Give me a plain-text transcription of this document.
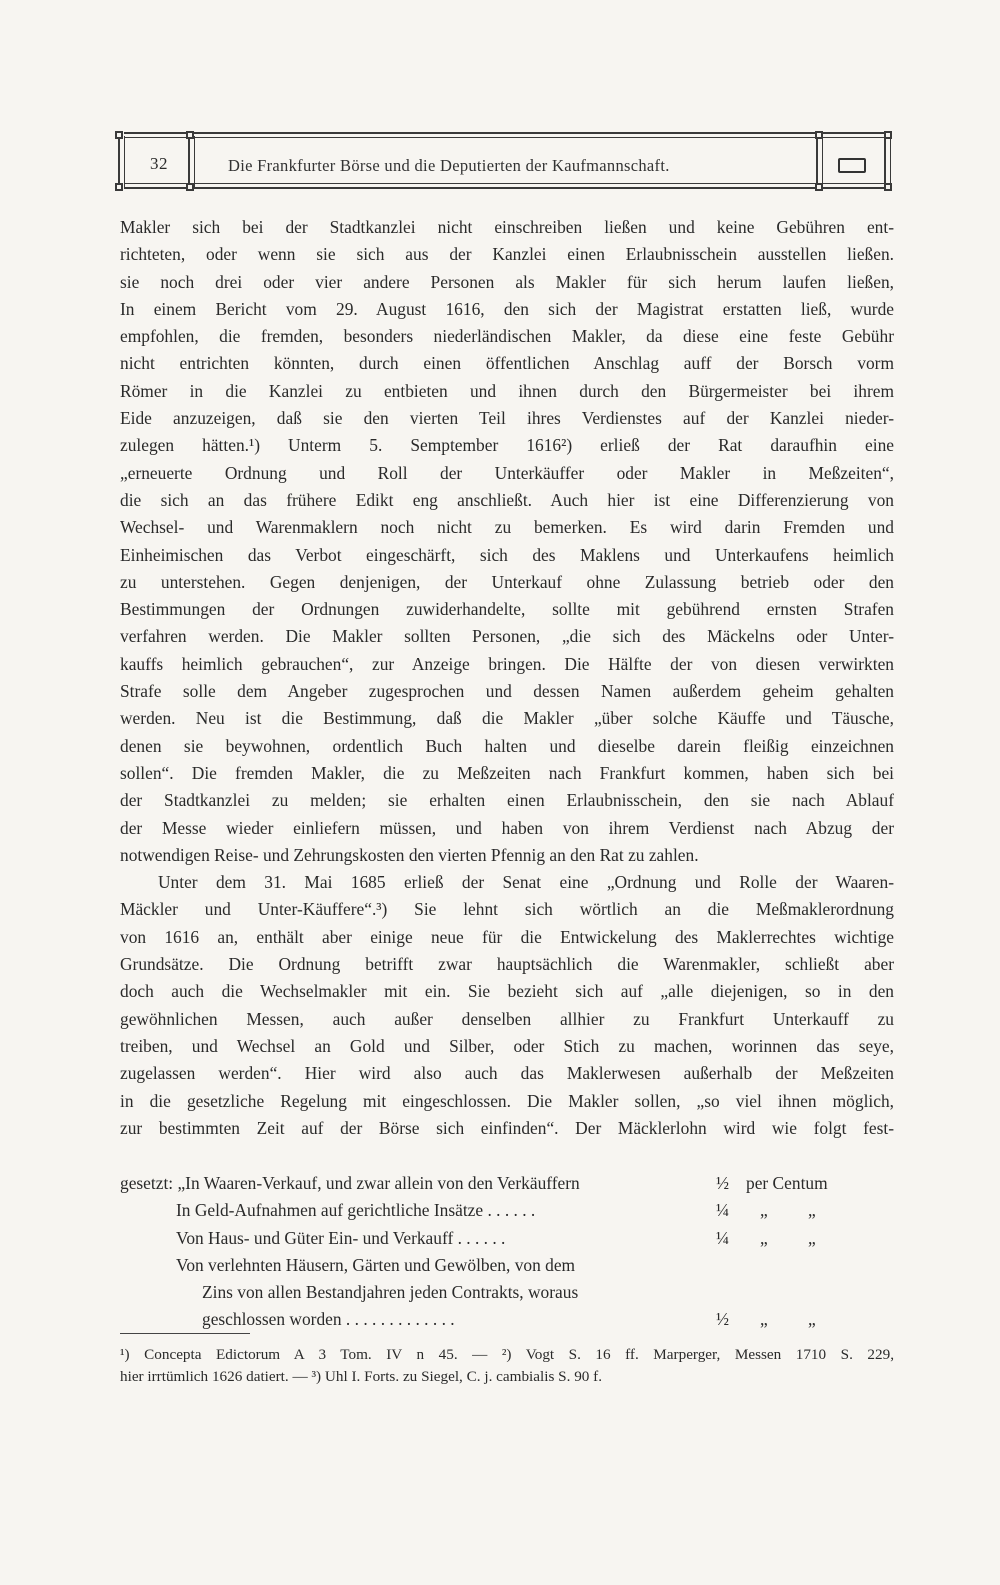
32	Die Frankfurter Börse und die Deputierten der Kaufmannschaft.
Makler sich bei der Stadtkanzlei nicht einschreiben ließen und keine Gebühren ent-
richteten, oder wenn sie sich aus der Kanzlei einen Erlaubnisschein ausstellen ließen.
sie noch drei oder vier andere Personen als Makler für sich herum laufen ließen,
In einem Bericht vom 29. August 1616, den sich der Magistrat erstatten ließ, wurde
empfohlen, die fremden, besonders niederländischen Makler, da diese eine feste Gebühr
nicht entrichten könnten, durch einen öffentlichen Anschlag auff der Borsch vorm
Römer in die Kanzlei zu entbieten und ihnen durch den Bürgermeister bei ihrem
Eide anzuzeigen, daß sie den vierten Teil ihres Verdienstes auf der Kanzlei nieder-
zulegen hätten.¹) Unterm 5. Semptember 1616²) erließ der Rat daraufhin eine
„erneuerte Ordnung und Roll der Unterkäuffer oder Makler in Meßzeiten“,
die sich an das frühere Edikt eng anschließt. Auch hier ist eine Differenzierung von
Wechsel- und Warenmaklern noch nicht zu bemerken. Es wird darin Fremden und
Einheimischen das Verbot eingeschärft, sich des Maklens und Unterkaufens heimlich
zu unterstehen. Gegen denjenigen, der Unterkauf ohne Zulassung betrieb oder den
Bestimmungen der Ordnungen zuwiderhandelte, sollte mit gebührend ernsten Strafen
verfahren werden. Die Makler sollten Personen, „die sich des Mäckelns oder Unter-
kauffs heimlich gebrauchen“, zur Anzeige bringen. Die Hälfte der von diesen verwirkten
Strafe solle dem Angeber zugesprochen und dessen Namen außerdem geheim gehalten
werden. Neu ist die Bestimmung, daß die Makler „über solche Käuffe und Täusche,
denen sie beywohnen, ordentlich Buch halten und dieselbe darein fleißig einzeichnen
sollen“. Die fremden Makler, die zu Meßzeiten nach Frankfurt kommen, haben sich bei
der Stadtkanzlei zu melden; sie erhalten einen Erlaubnisschein, den sie nach Ablauf
der Messe wieder einliefern müssen, und haben von ihrem Verdienst nach Abzug der
notwendigen Reise- und Zehrungskosten den vierten Pfennig an den Rat zu zahlen.
Unter dem 31. Mai 1685 erließ der Senat eine „Ordnung und Rolle der Waaren-
Mäckler und Unter-Käuffere“.³) Sie lehnt sich wörtlich an die Meßmaklerordnung
von 1616 an, enthält aber einige neue für die Entwickelung des Maklerrechtes wichtige
Grundsätze. Die Ordnung betrifft zwar hauptsächlich die Warenmakler, schließt aber
doch auch die Wechselmakler mit ein. Sie bezieht sich auf „alle diejenigen, so in den
gewöhnlichen Messen, auch außer denselben allhier zu Frankfurt Unterkauff zu
treiben, und Wechsel an Gold und Silber, oder Stich zu machen, worinnen das seye,
zugelassen werden“. Hier wird also auch das Maklerwesen außerhalb der Meßzeiten
in die gesetzliche Regelung mit eingeschlossen. Die Makler sollen, „so viel ihnen möglich,
zur bestimmten Zeit auf der Börse sich einfinden“. Der Mäcklerlohn wird wie folgt fest-
gesetzt: „In Waaren-Verkauf, und zwar allein von den Verkäuffern	½ per Centum
In Geld-Aufnahmen auf gerichtliche Insätze . . . . . .	¼ „ „
Von Haus- und Güter Ein- und Verkauff . . . . . .	¼ „ „
Von verlehnten Häusern, Gärten und Gewölben, von dem
Zins von allen Bestandjahren jeden Contrakts, woraus
geschlossen worden . . . . . . . . . . . . .	½ „ „
¹) Concepta Edictorum A 3 Tom. IV n 45. — ²) Vogt S. 16 ff. Marperger, Messen 1710 S. 229,
hier irrtümlich 1626 datiert. — ³) Uhl I. Forts. zu Siegel, C. j. cambialis S. 90 f.
